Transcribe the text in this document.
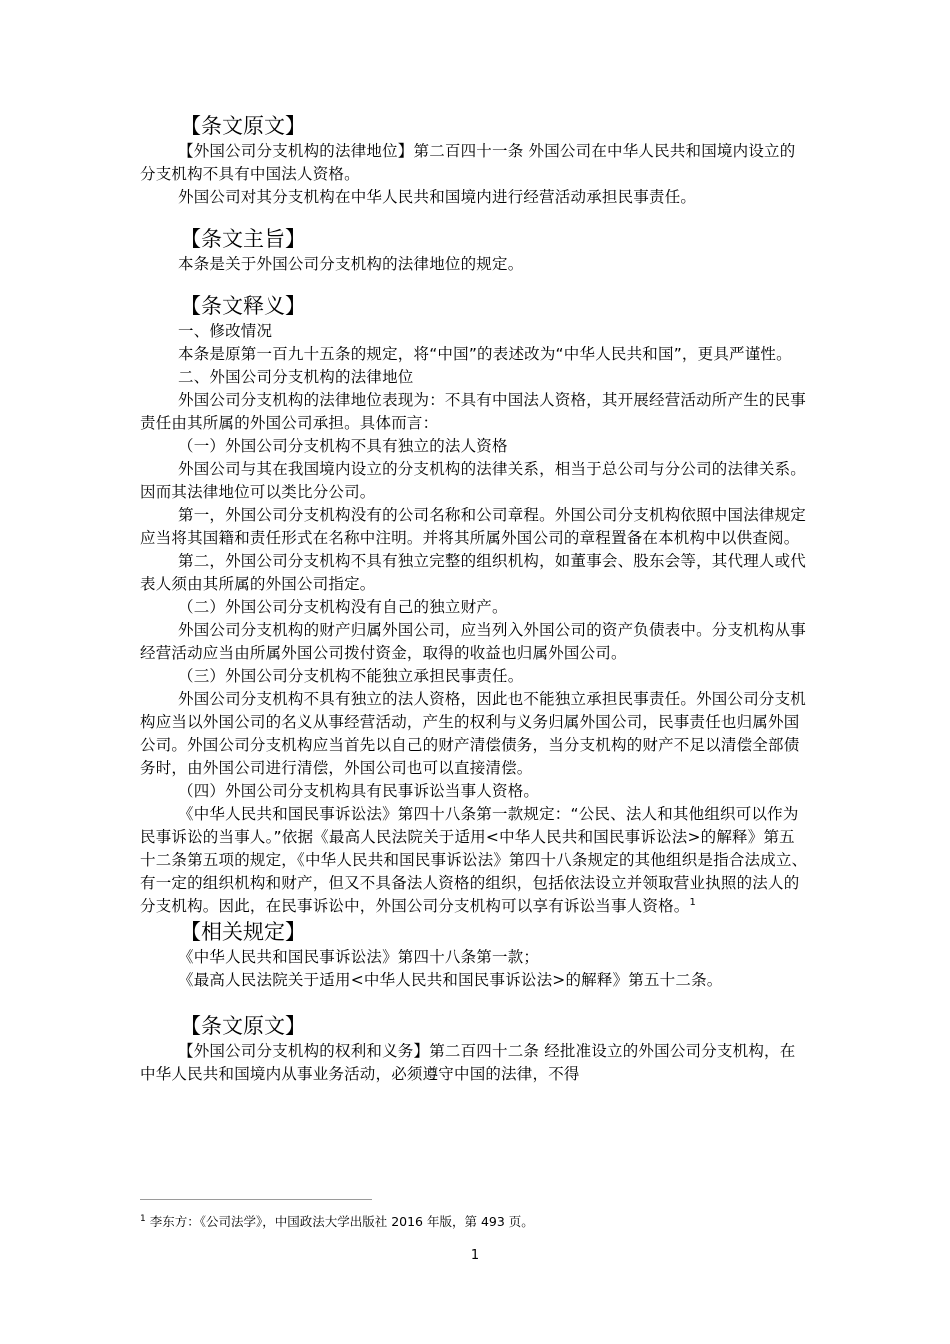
【条文原文】

【外国公司分支机构的法律地位】第二百四十一条 外国公司在中华人民共和国境内设立的分支机构不具有中国法人资格。

外国公司对其分支机构在中华人民共和国境内进行经营活动承担民事责任。

【条文主旨】

本条是关于外国公司分支机构的法律地位的规定。

【条文释义】

一、修改情况

本条是原第一百九十五条的规定，将“中国”的表述改为“中华人民共和国”，更具严谨性。

二、外国公司分支机构的法律地位

外国公司分支机构的法律地位表现为：不具有中国法人资格，其开展经营活动所产生的民事责任由其所属的外国公司承担。具体而言：

（一）外国公司分支机构不具有独立的法人资格

外国公司与其在我国境内设立的分支机构的法律关系，相当于总公司与分公司的法律关系。因而其法律地位可以类比分公司。

第一，外国公司分支机构没有的公司名称和公司章程。外国公司分支机构依照中国法律规定应当将其国籍和责任形式在名称中注明。并将其所属外国公司的章程置备在本机构中以供查阅。

第二，外国公司分支机构不具有独立完整的组织机构，如董事会、股东会等，其代理人或代表人须由其所属的外国公司指定。

（二）外国公司分支机构没有自己的独立财产。

外国公司分支机构的财产归属外国公司，应当列入外国公司的资产负债表中。分支机构从事经营活动应当由所属外国公司拨付资金，取得的收益也归属外国公司。

（三）外国公司分支机构不能独立承担民事责任。

外国公司分支机构不具有独立的法人资格，因此也不能独立承担民事责任。外国公司分支机构应当以外国公司的名义从事经营活动，产生的权利与义务归属外国公司，民事责任也归属外国公司。外国公司分支机构应当首先以自己的财产清偿债务，当分支机构的财产不足以清偿全部债务时，由外国公司进行清偿，外国公司也可以直接清偿。

（四）外国公司分支机构具有民事诉讼当事人资格。

《中华人民共和国民事诉讼法》第四十八条第一款规定：“公民、法人和其他组织可以作为民事诉讼的当事人。”依据《最高人民法院关于适用<中华人民共和国民事诉讼法>的解释》第五十二条第五项的规定，《中华人民共和国民事诉讼法》第四十八条规定的其他组织是指合法成立、有一定的组织机构和财产，但又不具备法人资格的组织，包括依法设立并领取营业执照的法人的分支机构。因此，在民事诉讼中，外国公司分支机构可以享有诉讼当事人资格。$^1$

【相关规定】

《中华人民共和国民事诉讼法》第四十八条第一款；

《最高人民法院关于适用<中华人民共和国民事诉讼法>的解释》第五十二条。

【条文原文】

【外国公司分支机构的权利和义务】第二百四十二条 经批准设立的外国公司分支机构，在中华人民共和国境内从事业务活动，必须遵守中国的法律，不得

$^1$ 李东方：《公司法学》，中国政法大学出版社 2016 年版，第 493 页。
1
